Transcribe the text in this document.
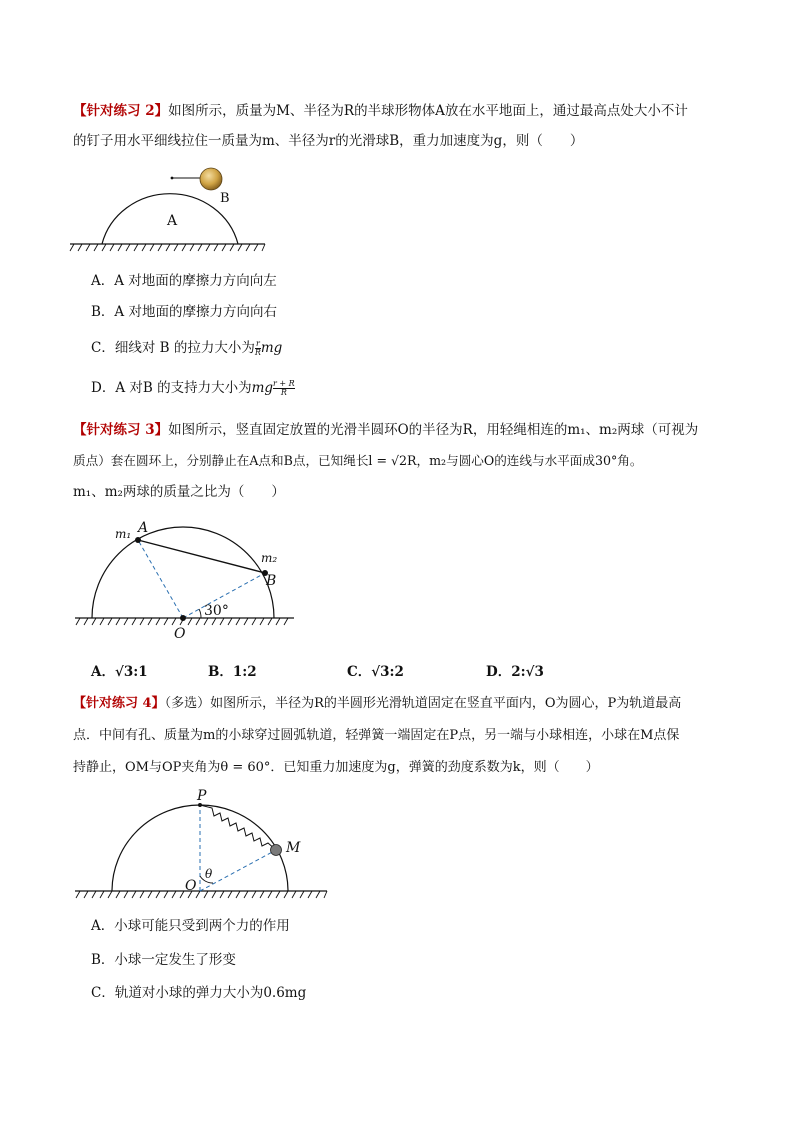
【针对练习 2】如图所示，质量为M、半径为R的半球形物体A放在水平地面上，通过最高点处大小不计
的钉子用水平细线拉住一质量为m、半径为r的光滑球B，重力加速度为g，则（　　）
A
B
A．A 对地面的摩擦力方向向左
B．A 对地面的摩擦力方向向右
C．细线对 B 的拉力大小为 $\frac{r}{R}$ mg
D．A 对B 的支持力大小为mg $\frac{r + R}{R}$
【针对练习 3】如图所示，竖直固定放置的光滑半圆环O的半径为R，用轻绳相连的m₁、m₂两球（可视为
质点）套在圆环上，分别静止在A点和B点，已知绳长l = √2R，m₂与圆心O的连线与水平面成30°角。
m₁、m₂两球的质量之比为（　　）
m₁ A
m₂
B
30°
O
A．√3:1	B．1:2	C．√3:2	D．2:√3
【针对练习 4】（多选）如图所示，半径为R的半圆形光滑轨道固定在竖直平面内，O为圆心，P为轨道最高
点．中间有孔、质量为m的小球穿过圆弧轨道，轻弹簧一端固定在P点，另一端与小球相连，小球在M点保
持静止，OM与OP夹角为θ = 60°．已知重力加速度为g，弹簧的劲度系数为k，则（　　）
P
M
O
θ
A．小球可能只受到两个力的作用
B．小球一定发生了形变
C．轨道对小球的弹力大小为0.6mg
